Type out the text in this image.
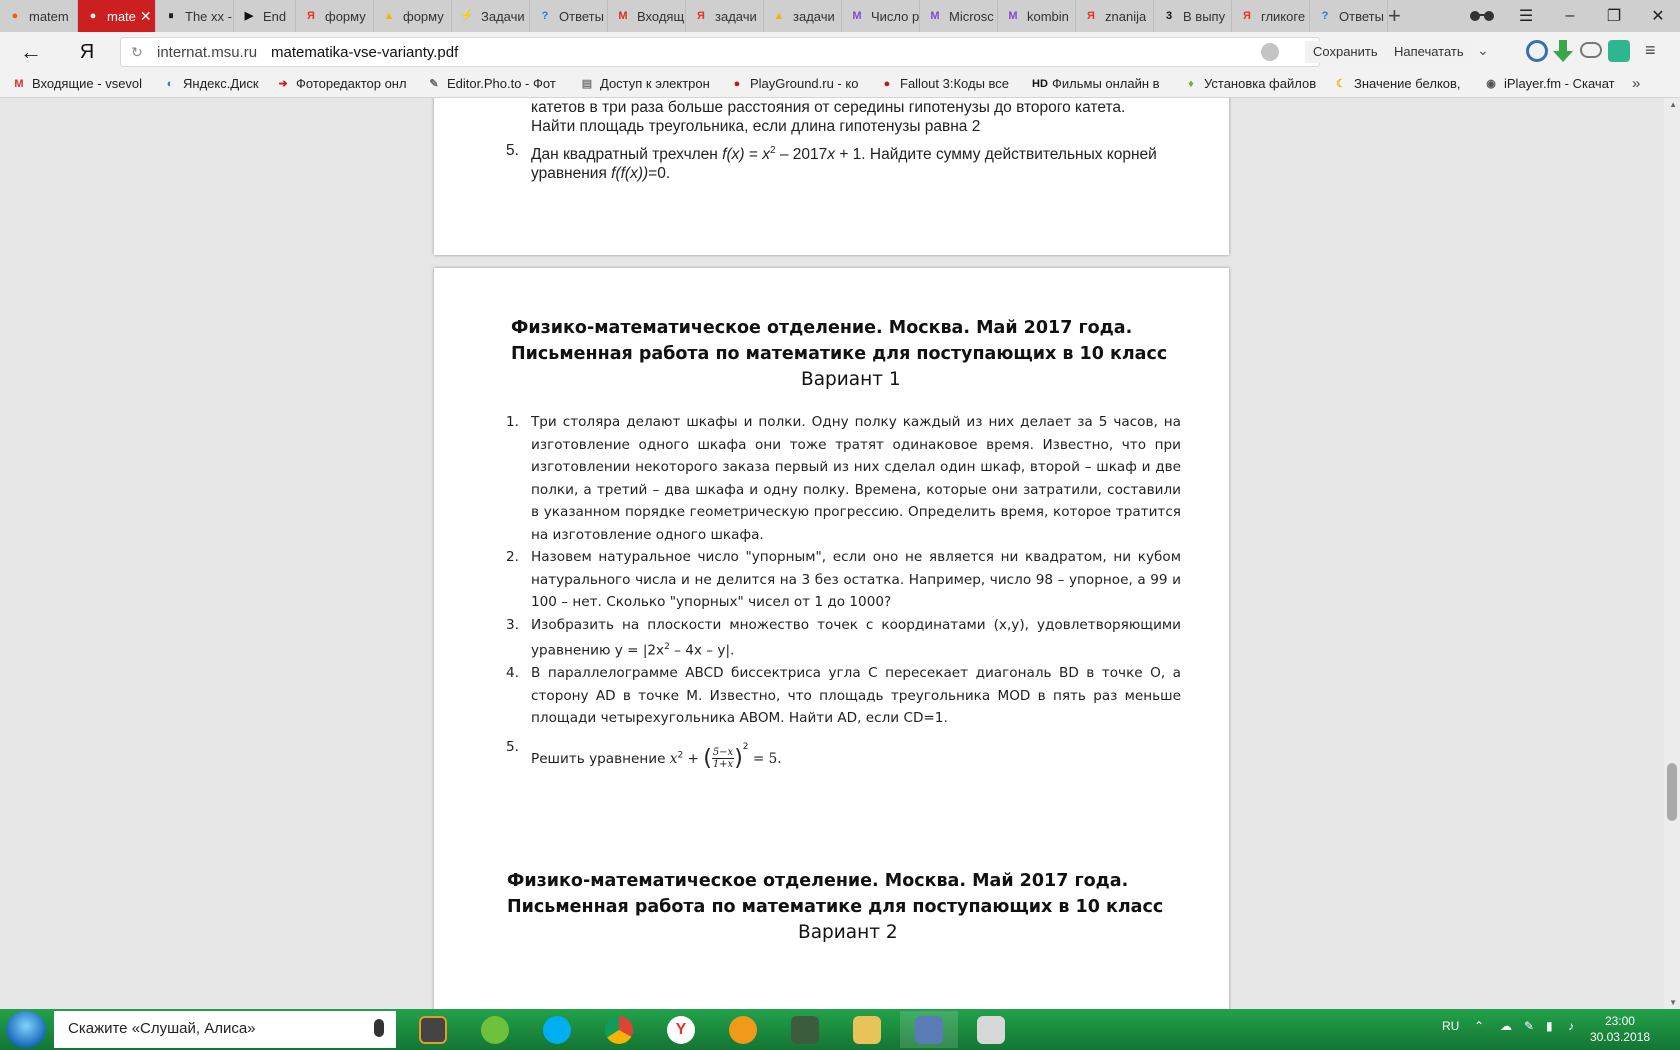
● matem	● mate ✕	⏸ The xx -	▶ End	Я форму ▲ форму ⚡ Задачи	? Ответы	M Входящ	Я задачи ▲ задачи	M Число р	M Microsc	M kombin	Я znanija	3 В выпу	Я гликоге	? Ответы +	☰	–	❐	✕
←	Я	↻ internat.msu.ru matematika-vse-varianty.pdf	Сохранить	Напечатать ⌄	≡
M Входящие - vsevol	◐ Яндекс.Диск ➜ Фоторедактор онл ✎ Editor.Pho.to - Фот ▤ Доступ к электрон	● PlayGround.ru - ко	● Fallout 3:Коды все HD Фильмы онлайн в	♦ Установка файлов ☾ Значение белков, ◉ iPlayer.fm - Скачат »
катетов в три раза больше расстояния от середины гипотенузы до второго катета.
Найти площадь треугольника, если длина гипотенузы равна 2
5. Дан квадратный трехчлен $f(x) = x^2 - 2017x + 1$. Найдите сумму действительных корней
уравнения f(f(x))=0.
Физико-математическое отделение. Москва. Май 2017 года.
Письменная работа по математике для поступающих в 10 класс
Вариант 1
1. Три столяра делают шкафы и полки. Одну полку каждый из них делает за 5 часов, на изготовление одного шкафа они тоже тратят одинаковое время. Известно, что при изготовлении некоторого заказа первый из них сделал один шкаф, второй – шкаф и две полки, а третий – два шкафа и одну полку. Времена, которые они затратили, составили в указанном порядке геометрическую прогрессию. Определить время, которое тратится на изготовление одного шкафа.
2. Назовем натуральное число "упорным", если оно не является ни квадратом, ни кубом натурального числа и не делится на 3 без остатка. Например, число 98 – упорное, а 99 и 100 – нет. Сколько "упорных" чисел от 1 до 1000?
3. Изобразить на плоскости множество точек с координатами (x,y), удовлетворяющими уравнению $y = |2x^2 - 4x - y|$.
4. В параллелограмме ABCD биссектриса угла С пересекает диагональ BD в точке О, а сторону AD в точке М. Известно, что площадь треугольника MOD в пять раз меньше площади четырехугольника ABOM. Найти AD, если CD=1.
5.
Решить уравнение $x^2$ + ( $\frac{5-x}{1+x} )^2 = 5$.
Физико-математическое отделение. Москва. Май 2017 года.
Письменная работа по математике для поступающих в 10 класс
Вариант 2
▲
▼
Скажите «Слушай, Алиса»	Y	RU ⌃ ☁ ✎ ▮ ♪	23:00
30.03.2018
